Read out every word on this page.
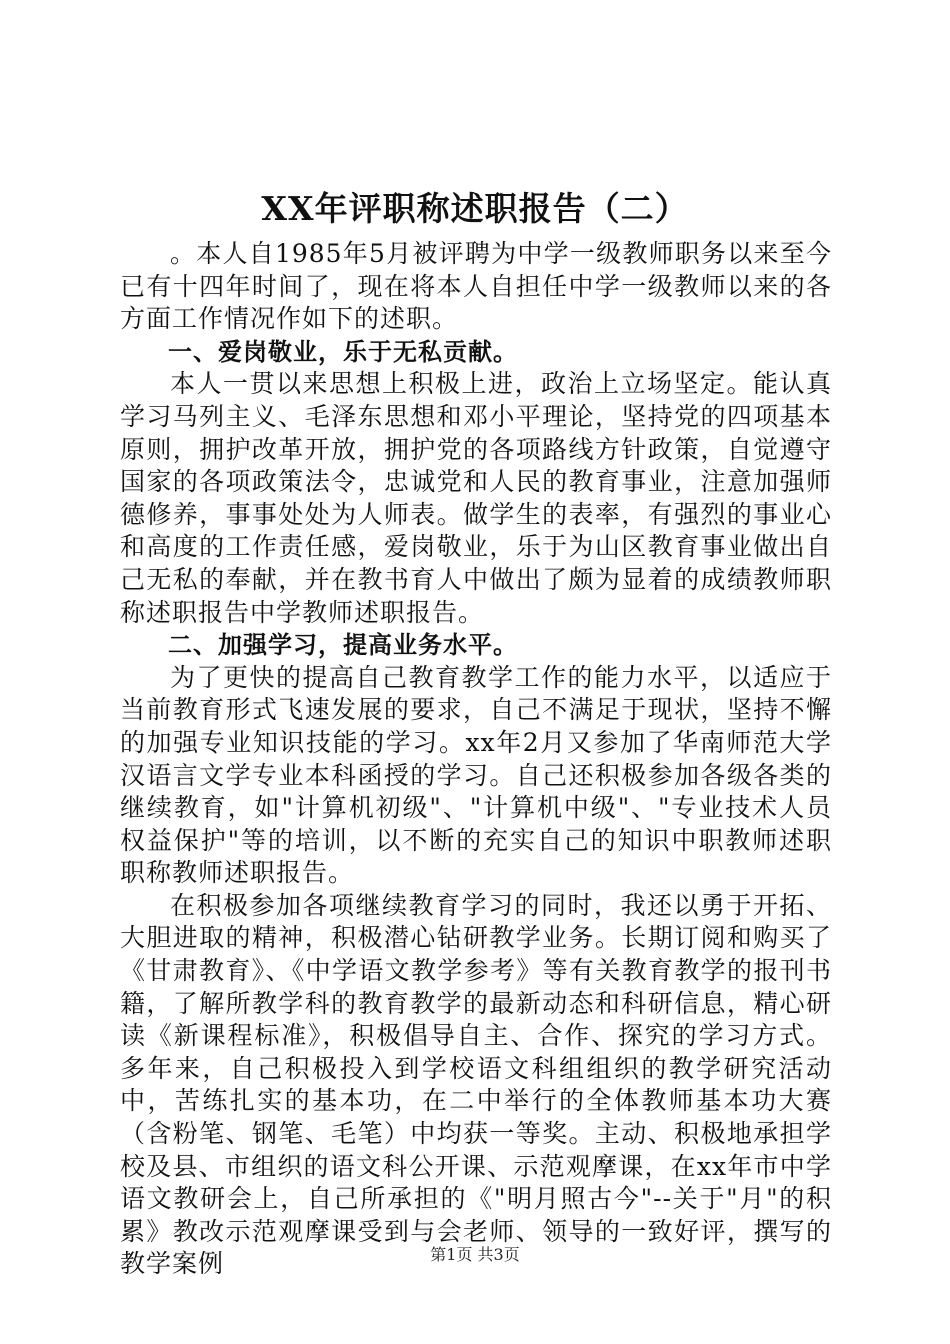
XX年评职称述职报告（二）

。本人自1985年5月被评聘为中学一级教师职务以来至今已有十四年时间了，现在将本人自担任中学一级教师以来的各方面工作情况作如下的述职。

一、爱岗敬业，乐于无私贡献。

本人一贯以来思想上积极上进，政治上立场坚定。能认真学习马列主义、毛泽东思想和邓小平理论，坚持党的四项基本原则，拥护改革开放，拥护党的各项路线方针政策，自觉遵守国家的各项政策法令，忠诚党和人民的教育事业，注意加强师德修养，事事处处为人师表。做学生的表率，有强烈的事业心和高度的工作责任感，爱岗敬业，乐于为山区教育事业做出自己无私的奉献，并在教书育人中做出了颇为显着的成绩教师职称述职报告中学教师述职报告。

二、加强学习，提高业务水平。

为了更快的提高自己教育教学工作的能力水平，以适应于当前教育形式飞速发展的要求，自己不满足于现状，坚持不懈的加强专业知识技能的学习。xx年2月又参加了华南师范大学汉语言文学专业本科函授的学习。自己还积极参加各级各类的继续教育，如"计算机初级"、"计算机中级"、"专业技术人员权益保护"等的培训，以不断的充实自己的知识中职教师述职职称教师述职报告。

在积极参加各项继续教育学习的同时，我还以勇于开拓、大胆进取的精神，积极潜心钻研教学业务。长期订阅和购买了《甘肃教育》、《中学语文教学参考》等有关教育教学的报刊书籍，了解所教学科的教育教学的最新动态和科研信息，精心研读《新课程标准》，积极倡导自主、合作、探究的学习方式。多年来，自己积极投入到学校语文科组组织的教学研究活动中，苦练扎实的基本功，在二中举行的全体教师基本功大赛（含粉笔、钢笔、毛笔）中均获一等奖。主动、积极地承担学校及县、市组织的语文科公开课、示范观摩课，在xx年市中学语文教研会上，自己所承担的《"明月照古今"--关于"月"的积累》教改示范观摩课受到与会老师、领导的一致好评，撰写的教学案例	第1页 共3页
